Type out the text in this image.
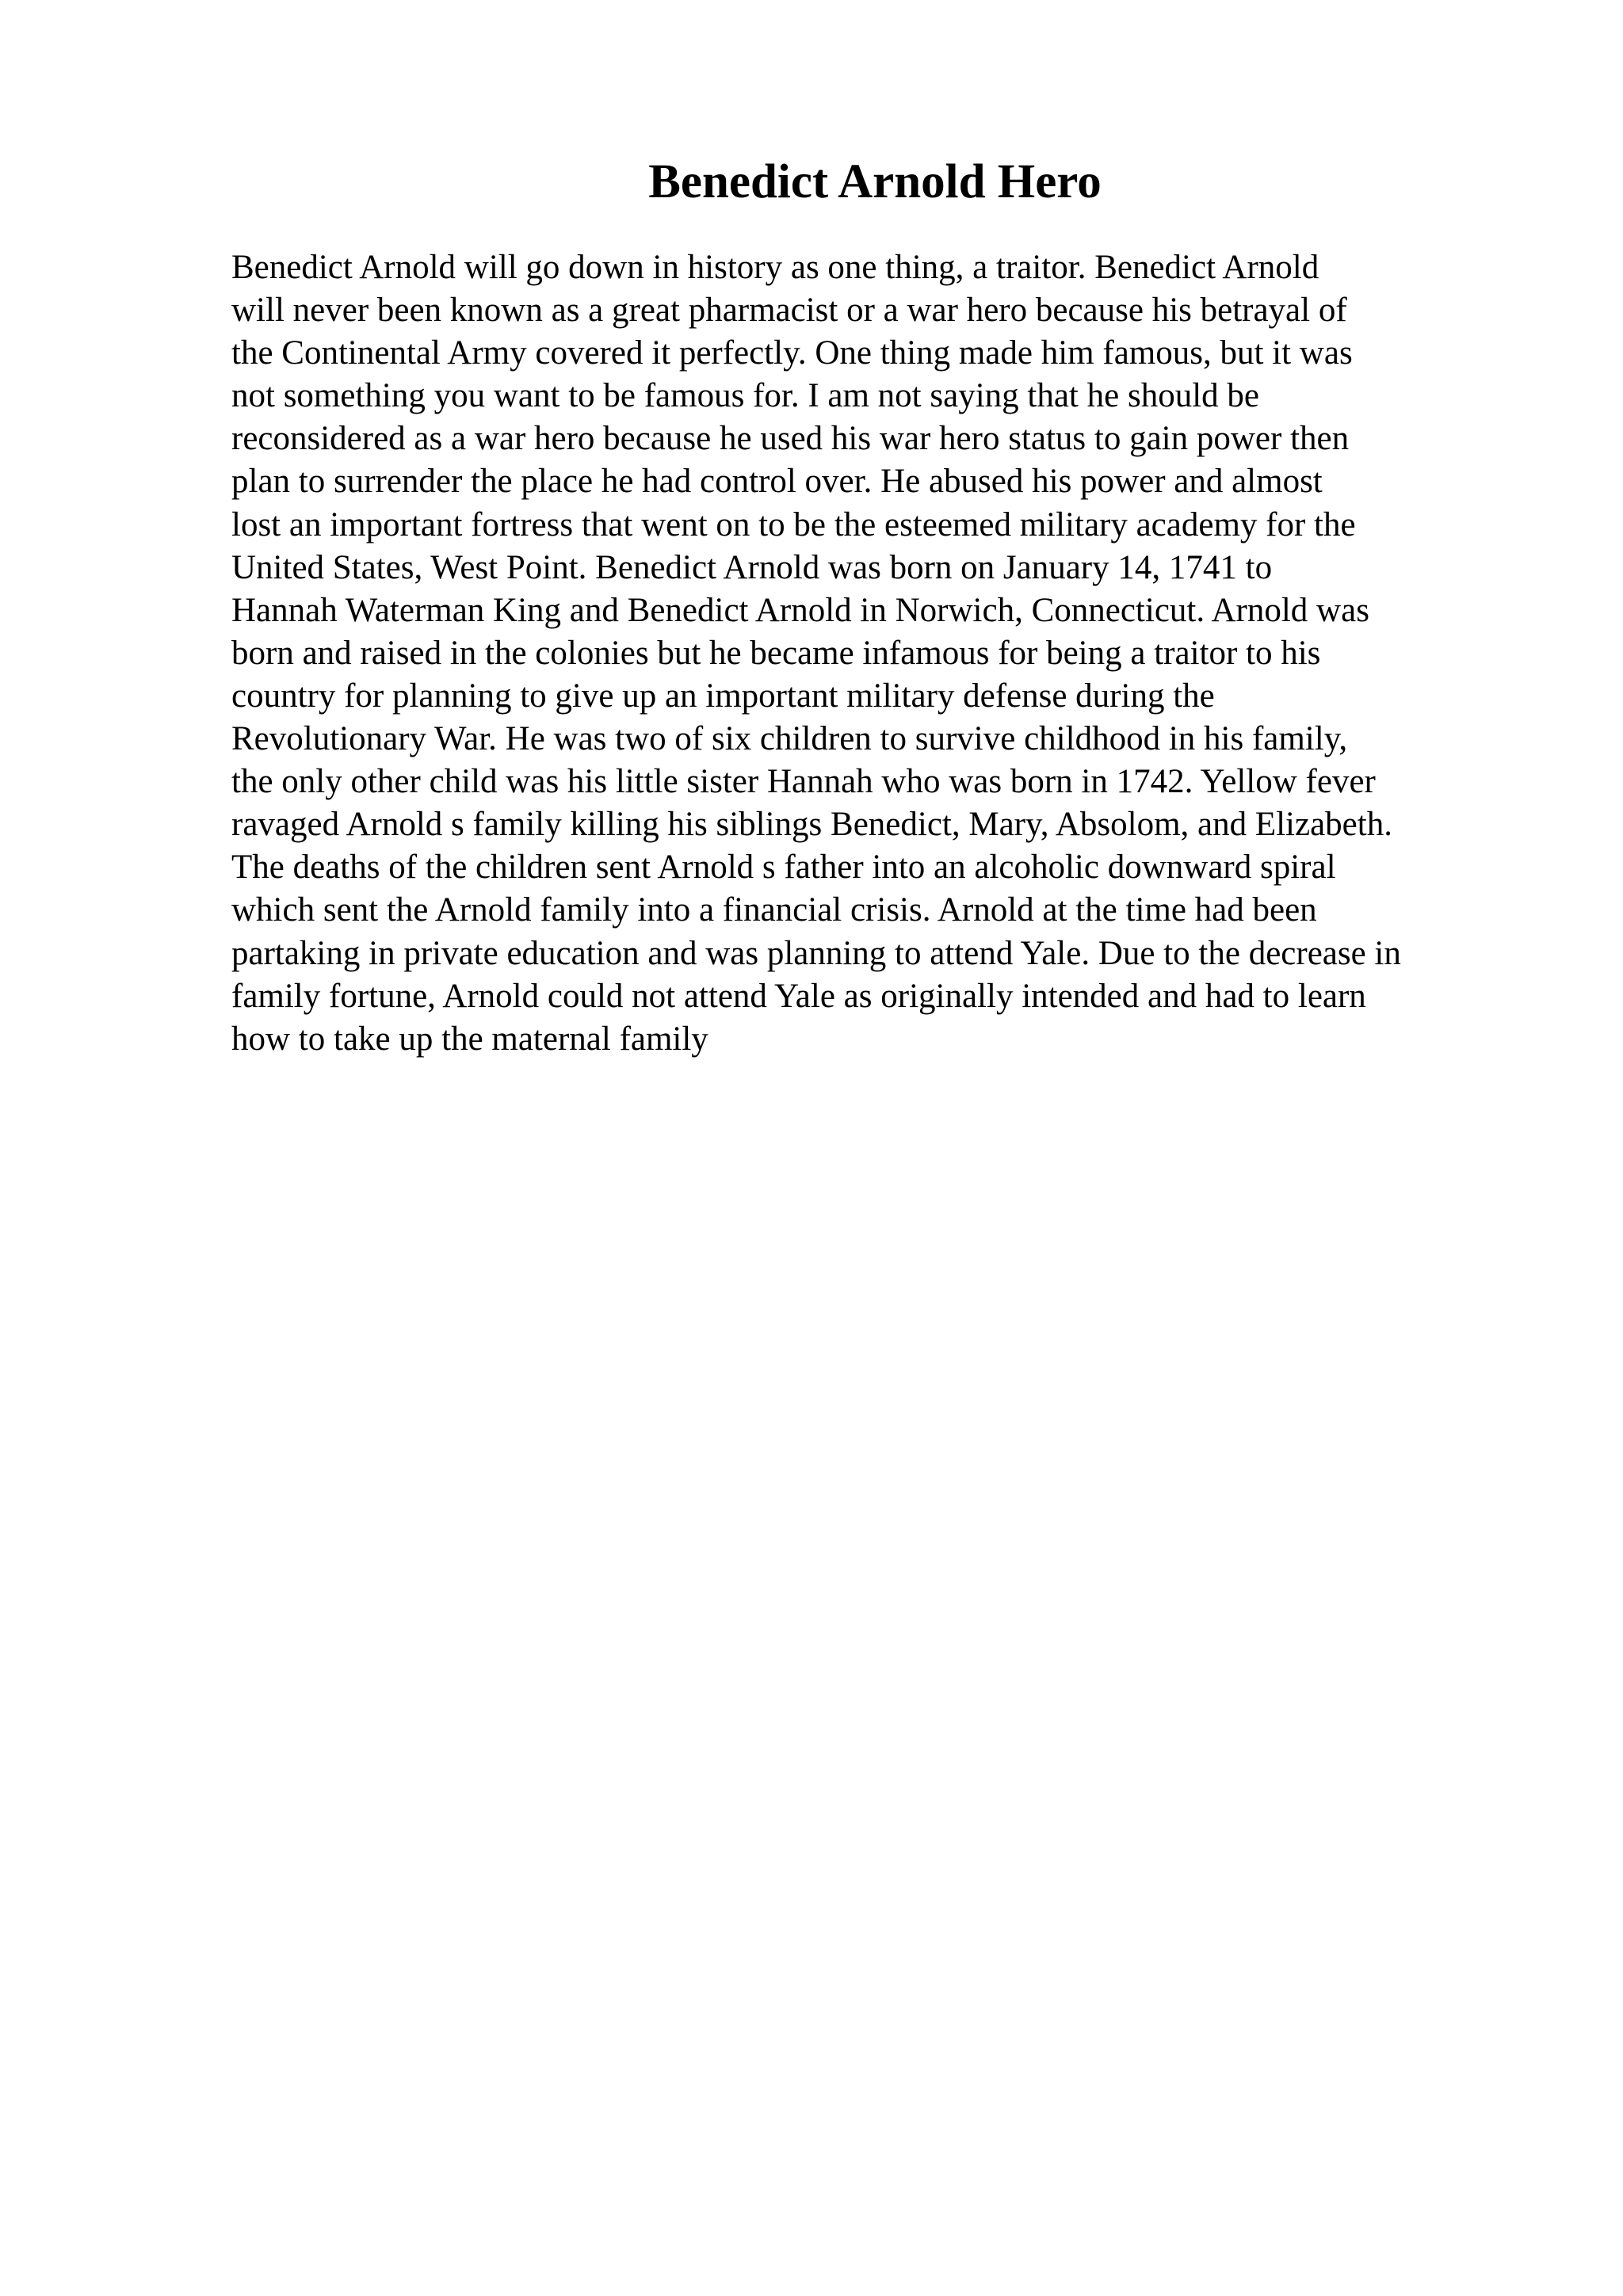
Benedict Arnold Hero
Benedict Arnold will go down in history as one thing, a traitor. Benedict Arnold
will never been known as a great pharmacist or a war hero because his betrayal of
the Continental Army covered it perfectly. One thing made him famous, but it was
not something you want to be famous for. I am not saying that he should be
reconsidered as a war hero because he used his war hero status to gain power then
plan to surrender the place he had control over. He abused his power and almost
lost an important fortress that went on to be the esteemed military academy for the
United States, West Point. Benedict Arnold was born on January 14, 1741 to
Hannah Waterman King and Benedict Arnold in Norwich, Connecticut. Arnold was
born and raised in the colonies but he became infamous for being a traitor to his
country for planning to give up an important military defense during the
Revolutionary War. He was two of six children to survive childhood in his family,
the only other child was his little sister Hannah who was born in 1742. Yellow fever
ravaged Arnold s family killing his siblings Benedict, Mary, Absolom, and Elizabeth.
The deaths of the children sent Arnold s father into an alcoholic downward spiral
which sent the Arnold family into a financial crisis. Arnold at the time had been
partaking in private education and was planning to attend Yale. Due to the decrease in
family fortune, Arnold could not attend Yale as originally intended and had to learn
how to take up the maternal family
